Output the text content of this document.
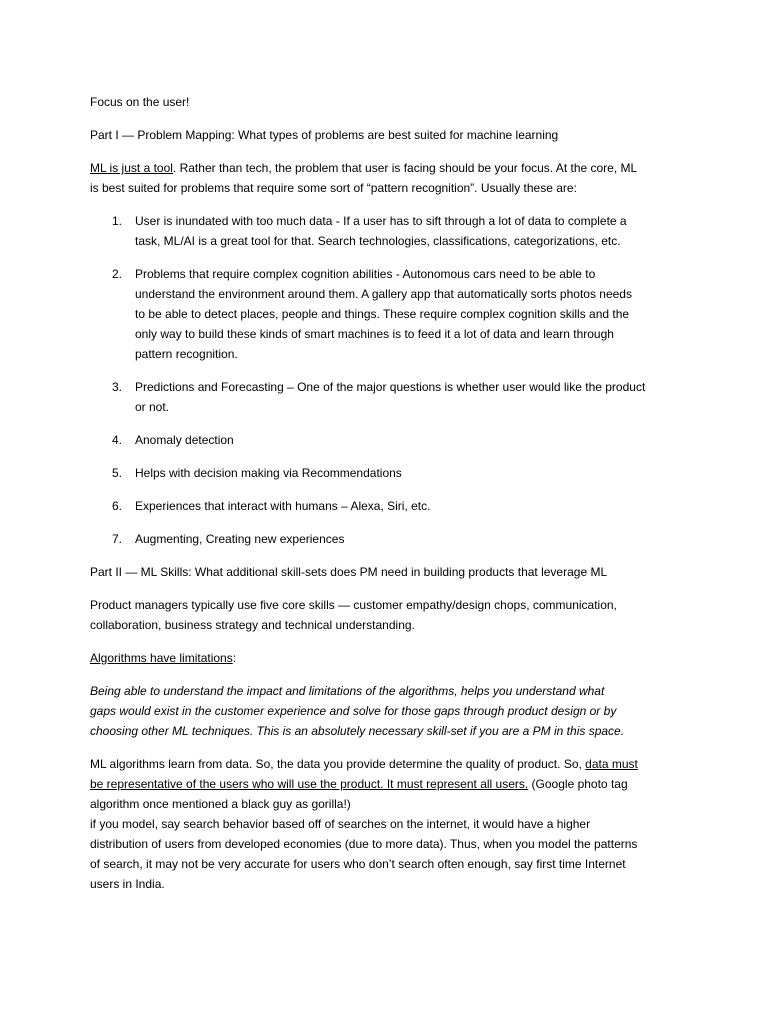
Focus on the user!

Part I — Problem Mapping: What types of problems are best suited for machine learning

ML is just a tool. Rather than tech, the problem that user is facing should be your focus. At the core, ML
is best suited for problems that require some sort of “pattern recognition”. Usually these are:

1. User is inundated with too much data - If a user has to sift through a lot of data to complete a
task, ML/AI is a great tool for that. Search technologies, classifications, categorizations, etc.
2. Problems that require complex cognition abilities - Autonomous cars need to be able to
understand the environment around them. A gallery app that automatically sorts photos needs
to be able to detect places, people and things. These require complex cognition skills and the
only way to build these kinds of smart machines is to feed it a lot of data and learn through
pattern recognition.
3. Predictions and Forecasting – One of the major questions is whether user would like the product
or not.
4. Anomaly detection
5. Helps with decision making via Recommendations
6. Experiences that interact with humans – Alexa, Siri, etc.
7. Augmenting, Creating new experiences

Part II — ML Skills: What additional skill-sets does PM need in building products that leverage ML

Product managers typically use five core skills — customer empathy/design chops, communication,
collaboration, business strategy and technical understanding.

Algorithms have limitations:

Being able to understand the impact and limitations of the algorithms, helps you understand what
gaps would exist in the customer experience and solve for those gaps through product design or by
choosing other ML techniques. This is an absolutely necessary skill-set if you are a PM in this space.

ML algorithms learn from data. So, the data you provide determine the quality of product. So, data must
be representative of the users who will use the product. It must represent all users. (Google photo tag
algorithm once mentioned a black guy as gorilla!)
if you model, say search behavior based off of searches on the internet, it would have a higher
distribution of users from developed economies (due to more data). Thus, when you model the patterns
of search, it may not be very accurate for users who don’t search often enough, say first time Internet
users in India.
